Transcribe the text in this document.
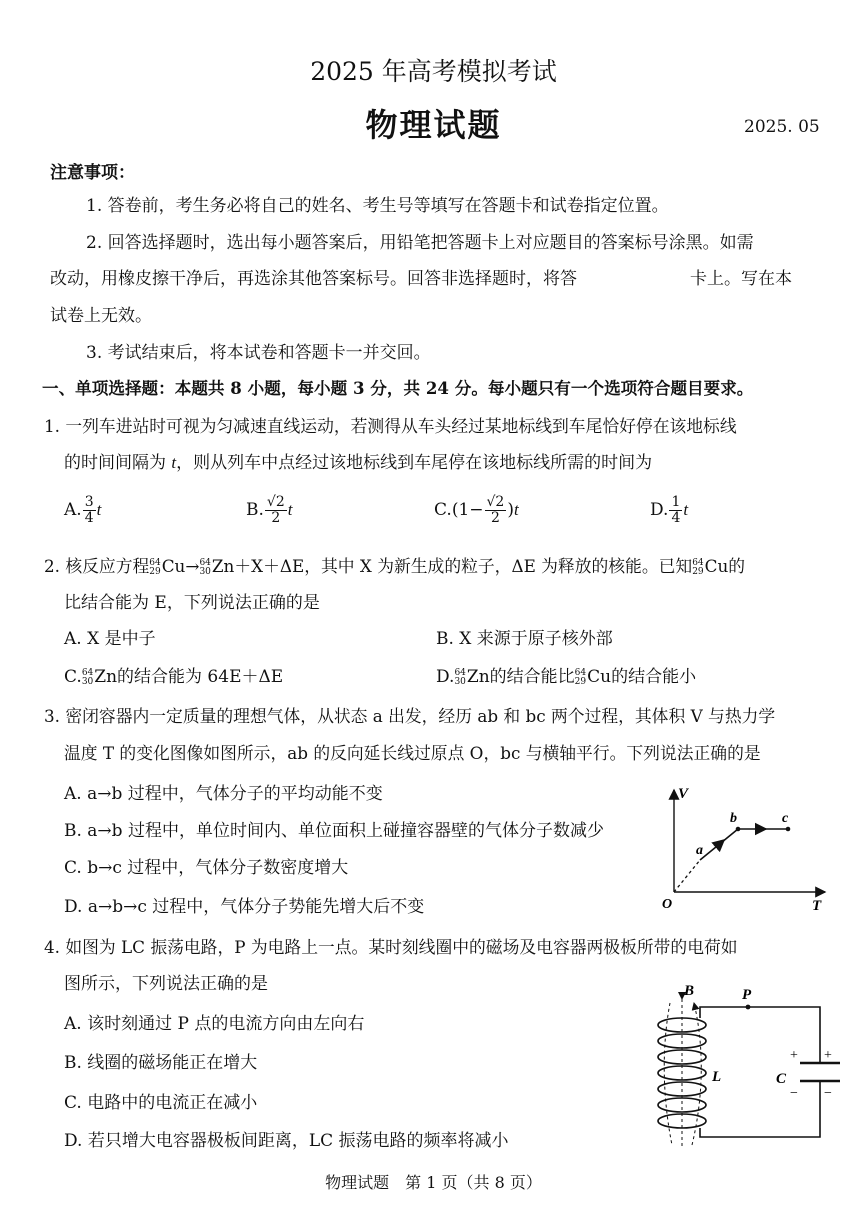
2025 年高考模拟考试
物理试题	2025. 05
注意事项：
1. 答卷前，考生务必将自己的姓名、考生号等填写在答题卡和试卷指定位置。
2. 回答选择题时，选出每小题答案后，用铅笔把答题卡上对应题目的答案标号涂黑。如需
改动，用橡皮擦干净后，再选涂其他答案标号。回答非选择题时，将答	卡上。写在本
试卷上无效。
3. 考试结束后，将本试卷和答题卡一并交回。
一、单项选择题：本题共 8 小题，每小题 3 分，共 24 分。每小题只有一个选项符合题目要求。
1. 一列车进站时可视为匀减速直线运动，若测得从车头经过某地标线到车尾恰好停在该地标线
的时间间隔为 t，则从列车中点经过该地标线到车尾停在该地标线所需的时间为
A. $\frac{3}{4}$ t	B. $\frac{√2}{2}$ t	$C.(1- \frac{√2}{2} )t$	D. $\frac{1}{4}$ t
2. 核反应方程 64
29 Cu→ 64
30 Zn＋X＋ΔE，其中 X 为新生成的粒子，ΔE 为释放的核能。已知 64
29 Cu的
比结合能为 E，下列说法正确的是
A. X 是中子	B. X 来源于原子核外部
C. 64
30 Zn的结合能为 64E＋ΔE	D. 64
30 Zn的结合能比 64
29 Cu的结合能小
3. 密闭容器内一定质量的理想气体，从状态 a 出发，经历 ab 和 bc 两个过程，其体积 V 与热力学
温度 T 的变化图像如图所示，ab 的反向延长线过原点 O，bc 与横轴平行。下列说法正确的是
A. a→b 过程中，气体分子的平均动能不变
B. a→b 过程中，单位时间内、单位面积上碰撞容器壁的气体分子数减少
C. b→c 过程中，气体分子数密度增大
D. a→b→c 过程中，气体分子势能先增大后不变
V
T
O
a
b	c
4. 如图为 LC 振荡电路，P 为电路上一点。某时刻线圈中的磁场及电容器两极板所带的电荷如
图所示，下列说法正确的是
A. 该时刻通过 P 点的电流方向由左向右
B. 线圈的磁场能正在增大
C. 电路中的电流正在减小
D. 若只增大电容器极板间距离，LC 振荡电路的频率将减小
B	P
+ +
− −
L	C
物理试题　第 1 页（共 8 页）
